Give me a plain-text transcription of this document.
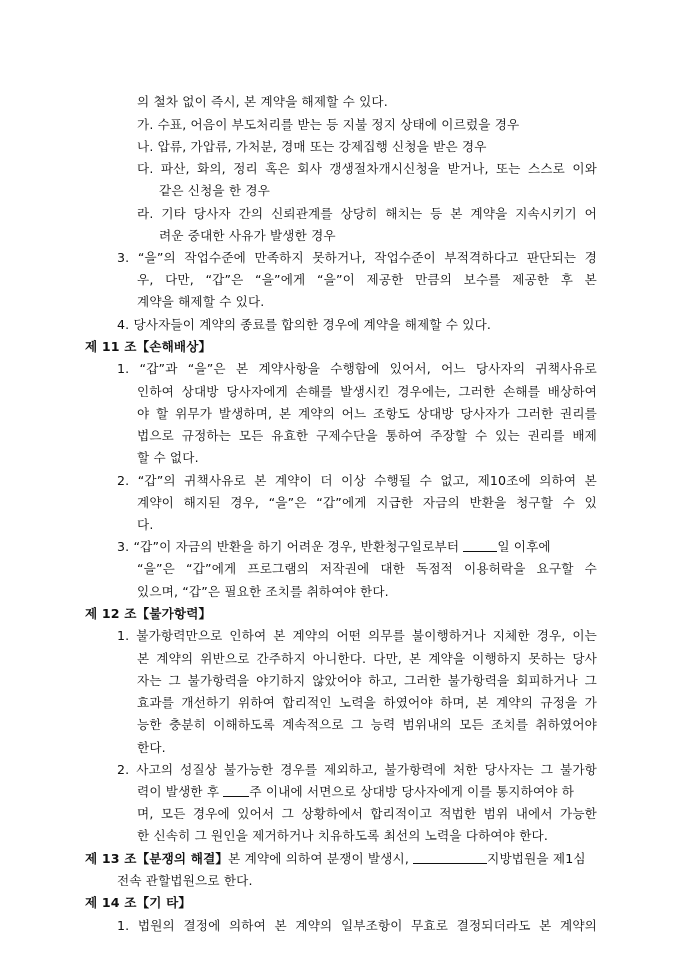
의 철차 없이 즉시, 본 계약을 해제할 수 있다.
가. 수표, 어음이 부도처리를 받는 등 지불 정지 상태에 이르렀을 경우
나. 압류, 가압류, 가처분, 경매 또는 강제집행 신청을 받은 경우
다. 파산, 화의, 정리 혹은 회사 갱생절차개시신청을 받거나, 또는 스스로 이와
같은 신청을 한 경우
라. 기타 당사자 간의 신뢰관계를 상당히 해치는 등 본 계약을 지속시키기 어
려운 중대한 사유가 발생한 경우
3. “을”의 작업수준에 만족하지 못하거나, 작업수준이 부적격하다고 판단되는 경
우, 다만, “갑”은 “을”에게 “을”이 제공한 만큼의 보수를 제공한 후 본
계약을 해제할 수 있다.
4. 당사자들이 계약의 종료를 합의한 경우에 계약을 해제할 수 있다.
제 11 조【손해배상】
1. “갑”과 “을”은 본 계약사항을 수행함에 있어서, 어느 당사자의 귀책사유로
인하여 상대방 당사자에게 손해를 발생시킨 경우에는, 그러한 손해를 배상하여
야 할 위무가 발생하며, 본 계약의 어느 조항도 상대방 당사자가 그러한 권리를
법으로 규정하는 모든 유효한 구제수단을 통하여 주장할 수 있는 권리를 배제
할 수 없다.
2. “갑”의 귀책사유로 본 계약이 더 이상 수행될 수 없고, 제10조에 의하여 본
계약이 해지된 경우, “을”은 “갑”에게 지급한 자금의 반환을 청구할 수 있
다.
3. “갑”이 자금의 반환을 하기 어려운 경우, 반환청구일로부터	일 이후에
“을”은 “갑”에게 프로그램의 저작권에 대한 독점적 이용허락을 요구할 수
있으며, “갑”은 필요한 조치를 취하여야 한다.
제 12 조【불가항력】
1. 불가항력만으로 인하여 본 계약의 어떤 의무를 불이행하거나 지체한 경우, 이는
본 계약의 위반으로 간주하지 아니한다. 다만, 본 계약을 이행하지 못하는 당사
자는 그 불가항력을 야기하지 않았어야 하고, 그러한 불가항력을 회피하거나 그
효과를 개선하기 위하여 합리적인 노력을 하였어야 하며, 본 계약의 규정을 가
능한 충분히 이해하도록 계속적으로 그 능력 범위내의 모든 조치를 취하였어야
한다.
2. 사고의 성질상 불가능한 경우를 제외하고, 불가항력에 처한 당사자는 그 불가항
력이 발생한 후 주 이내에 서면으로 상대방 당사자에게 이를 통지하여야 하
며, 모든 경우에 있어서 그 상황하에서 합리적이고 적법한 범위 내에서 가능한
한 신속히 그 원인을 제거하거나 치유하도록 최선의 노력을 다하여야 한다.
제 13 조【분쟁의 해결】본 계약에 의하여 분쟁이 발생시,	지방법원을 제1심
전속 관할법원으로 한다.
제 14 조【기 타】
1. 법원의 결정에 의하여 본 계약의 일부조항이 무효로 결정되더라도 본 계약의
